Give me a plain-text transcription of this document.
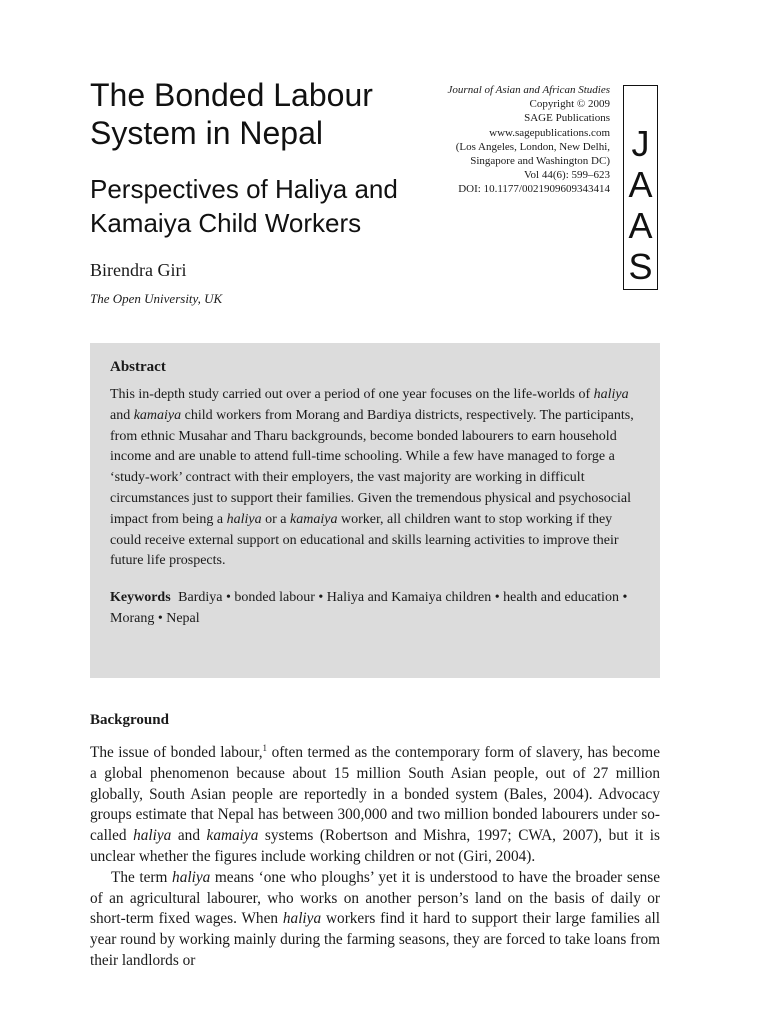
The Bonded Labour System in Nepal
Perspectives of Haliya and Kamaiya Child Workers
Birendra Giri
The Open University, UK
Journal of Asian and African Studies
Copyright © 2009
SAGE Publications
www.sagepublications.com
(Los Angeles, London, New Delhi,
Singapore and Washington DC)
Vol 44(6): 599–623
DOI: 10.1177/0021909609343414
J
A
A
S
Abstract

This in-depth study carried out over a period of one year focuses on the life-worlds of haliya and kamaiya child workers from Morang and Bardiya districts, respectively. The participants, from ethnic Musahar and Tharu backgrounds, become bonded labourers to earn household income and are unable to attend full-time schooling. While a few have managed to forge a ‘study-work’ contract with their employers, the vast majority are working in difficult circumstances just to support their families. Given the tremendous physical and psychosocial impact from being a haliya or a kamaiya worker, all children want to stop working if they could receive external support on educational and skills learning activities to improve their future life prospects.

Keywords Bardiya • bonded labour • Haliya and Kamaiya children • health and education • Morang • Nepal

Background

The issue of bonded labour,$^1$ often termed as the contemporary form of slavery, has become a global phenomenon because about 15 million South Asian people, out of 27 million globally, South Asian people are reportedly in a bonded system (Bales, 2004). Advocacy groups estimate that Nepal has between 300,000 and two million bonded labourers under so-called haliya and kamaiya systems (Robertson and Mishra, 1997; CWA, 2007), but it is unclear whether the figures include working children or not (Giri, 2004).

The term haliya means ‘one who ploughs’ yet it is understood to have the broader sense of an agricultural labourer, who works on another person’s land on the basis of daily or short-term fixed wages. When haliya workers find it hard to support their large families all year round by working mainly during the farming seasons, they are forced to take loans from their landlords or
